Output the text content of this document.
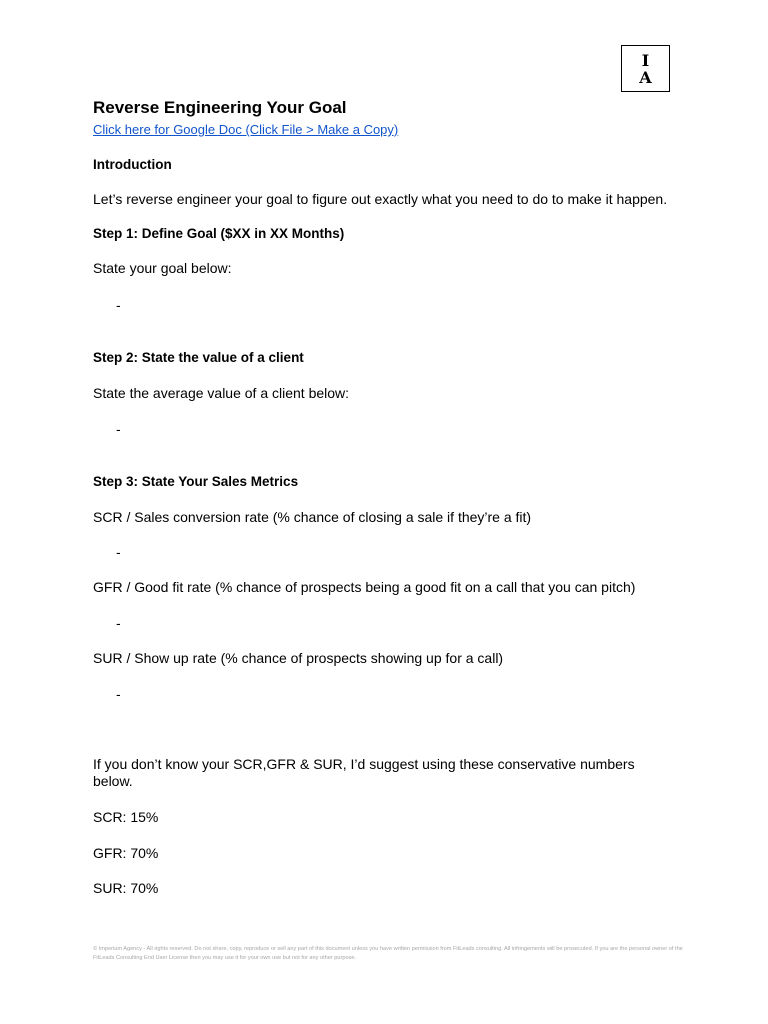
I
A
Reverse Engineering Your Goal
Click here for Google Doc (Click File > Make a Copy)
Introduction
Let’s reverse engineer your goal to figure out exactly what you need to do to make it happen.
Step 1: Define Goal ($XX in XX Months)
State your goal below:
-
Step 2: State the value of a client
State the average value of a client below:
-
Step 3: State Your Sales Metrics
SCR / Sales conversion rate (% chance of closing a sale if they’re a fit)
-
GFR / Good fit rate (% chance of prospects being a good fit on a call that you can pitch)
-
SUR / Show up rate (% chance of prospects showing up for a call)
-
If you don’t know your SCR,GFR & SUR, I’d suggest using these conservative numbers below.
SCR: 15%
GFR: 70%
SUR: 70%
© Imperium Agency - All rights reserved. Do not share, copy, reproduce or sell any part of this document unless you have written permission from FitLeads consulting. All infringements will be prosecuted. If you are the personal owner of the FitLeads Consulting End User License then you may use it for your own use but not for any other purpose.
